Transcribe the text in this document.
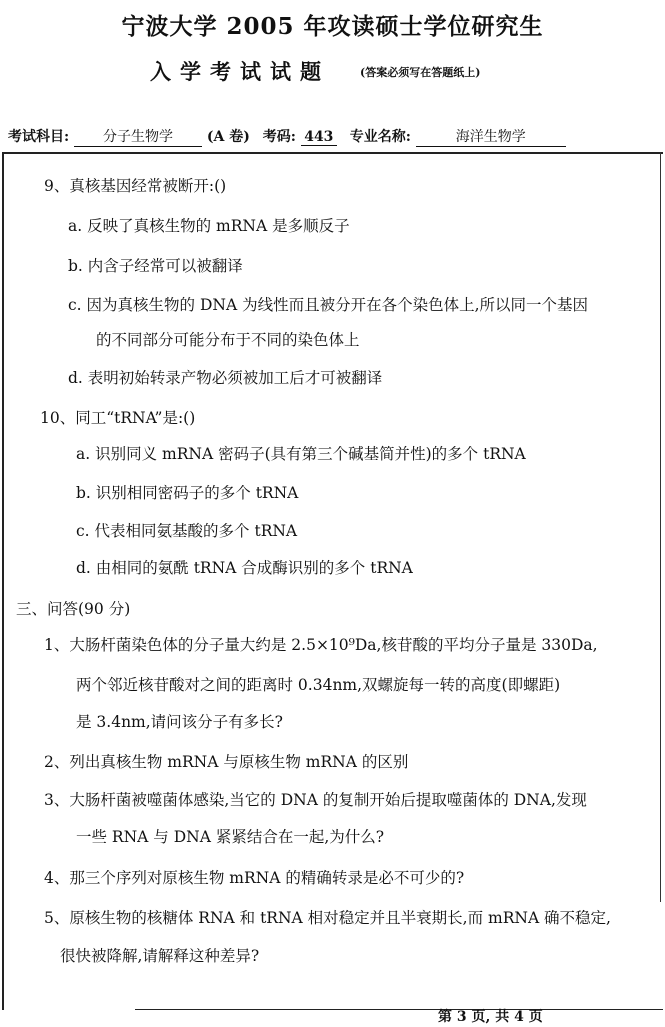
宁波大学 2005 年攻读硕士学位研究生
入学考试试题	(答案必须写在答题纸上)
考试科目: 分子生物学 (A 卷) 考码: 443 专业名称:	海洋生物学
9、真核基因经常被断开:()
a. 反映了真核生物的 mRNA 是多顺反子
b. 内含子经常可以被翻译
c. 因为真核生物的 DNA 为线性而且被分开在各个染色体上,所以同一个基因
的不同部分可能分布于不同的染色体上
d. 表明初始转录产物必须被加工后才可被翻译
10、同工“tRNA”是:()
a. 识别同义 mRNA 密码子(具有第三个碱基简并性)的多个 tRNA
b. 识别相同密码子的多个 tRNA
c. 代表相同氨基酸的多个 tRNA
d. 由相同的氨酰 tRNA 合成酶识别的多个 tRNA
三、问答(90 分)
1、大肠杆菌染色体的分子量大约是 2.5×10⁹Da,核苷酸的平均分子量是 330Da,
两个邻近核苷酸对之间的距离时 0.34nm,双螺旋每一转的高度(即螺距)
是 3.4nm,请问该分子有多长?
2、列出真核生物 mRNA 与原核生物 mRNA 的区别
3、大肠杆菌被噬菌体感染,当它的 DNA 的复制开始后提取噬菌体的 DNA,发现
一些 RNA 与 DNA 紧紧结合在一起,为什么?
4、那三个序列对原核生物 mRNA 的精确转录是必不可少的?
5、原核生物的核糖体 RNA 和 tRNA 相对稳定并且半衰期长,而 mRNA 确不稳定,
很快被降解,请解释这种差异?
第 3 页, 共 4 页
